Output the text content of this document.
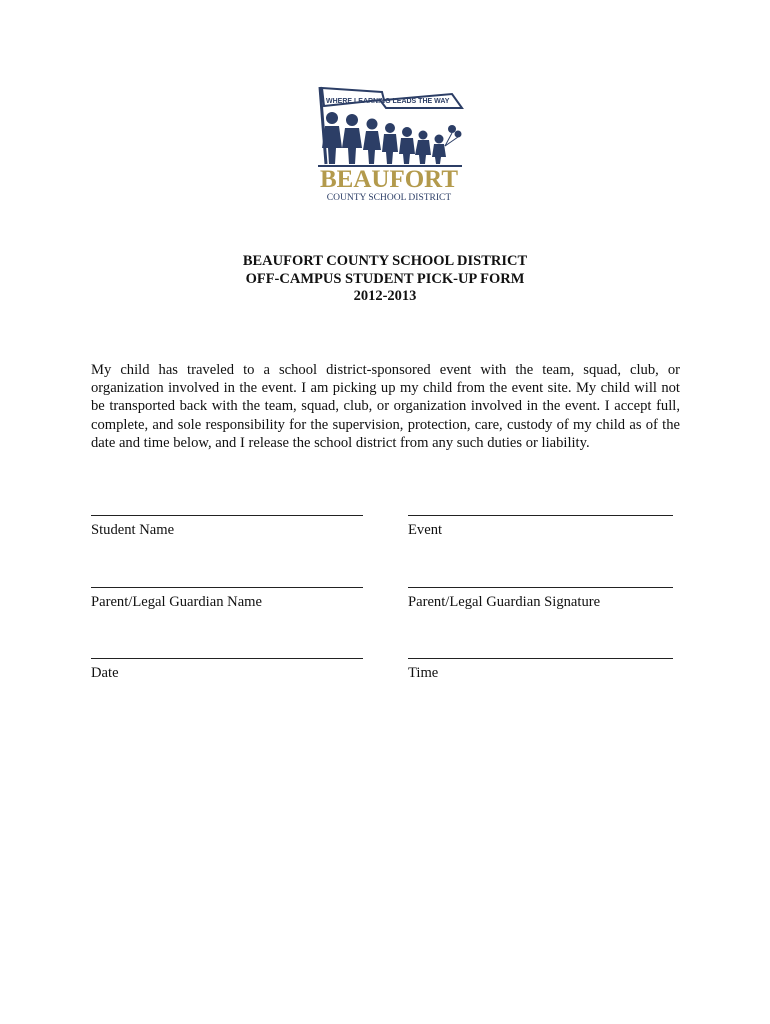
WHERE LEARNING LEADS THE WAY
BEAUFORT
COUNTY SCHOOL DISTRICT
BEAUFORT COUNTY SCHOOL DISTRICT
OFF-CAMPUS STUDENT PICK-UP FORM
2012-2013
My child has traveled to a school district-sponsored event with the team, squad, club, or organization involved in the event. I am picking up my child from the event site. My child will not be transported back with the team, squad, club, or organization involved in the event. I accept full, complete, and sole responsibility for the supervision, protection, care, custody of my child as of the date and time below, and I release the school district from any such duties or liability.
Student Name	Event
Parent/Legal Guardian Name	Parent/Legal Guardian Signature
Date	Time
